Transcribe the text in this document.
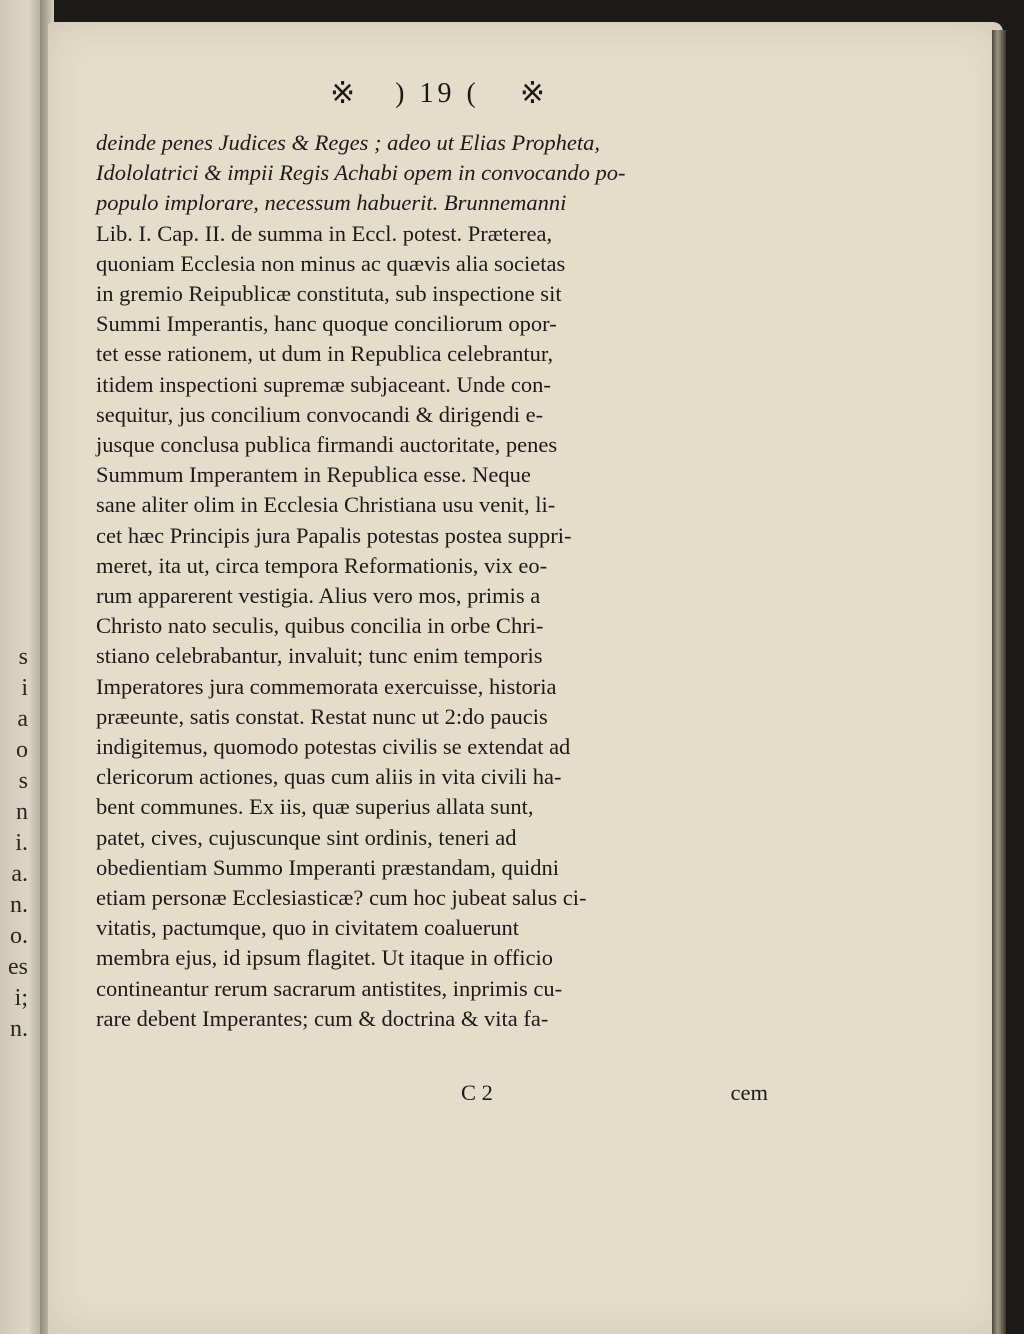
s
i
a
o
s
n
i.
a.
n.
o.
es
i;
n.
※ ) 19 ( ※
deinde penes Judices & Reges ; adeo ut Elias Propheta,
Idololatrici & impii Regis Achabi opem in convocando po-
populo implorare, necessum habuerit. Brunnemanni
Lib. I. Cap. II. de summa in Eccl. potest. Præterea,
quoniam Ecclesia non minus ac quævis alia societas
in gremio Reipublicæ constituta, sub inspectione sit
Summi Imperantis, hanc quoque conciliorum opor-
tet esse rationem, ut dum in Republica celebrantur,
itidem inspectioni supremæ subjaceant. Unde con-
sequitur, jus concilium convocandi & dirigendi e-
jusque conclusa publica firmandi auctoritate, penes
Summum Imperantem in Republica esse. Neque
sane aliter olim in Ecclesia Christiana usu venit, li-
cet hæc Principis jura Papalis potestas postea suppri-
meret, ita ut, circa tempora Reformationis, vix eo-
rum apparerent vestigia. Alius vero mos, primis a
Christo nato seculis, quibus concilia in orbe Chri-
stiano celebrabantur, invaluit; tunc enim temporis
Imperatores jura commemorata exercuisse, historia
præeunte, satis constat. Restat nunc ut 2:do paucis
indigitemus, quomodo potestas civilis se extendat ad
clericorum actiones, quas cum aliis in vita civili ha-
bent communes. Ex iis, quæ superius allata sunt,
patet, cives, cujuscunque sint ordinis, teneri ad
obedientiam Summo Imperanti præstandam, quidni
etiam personæ Ecclesiasticæ? cum hoc jubeat salus ci-
vitatis, pactumque, quo in civitatem coaluerunt
membra ejus, id ipsum flagitet. Ut itaque in officio
contineantur rerum sacrarum antistites, inprimis cu-
rare debent Imperantes; cum & doctrina & vita fa-
C 2	cem
